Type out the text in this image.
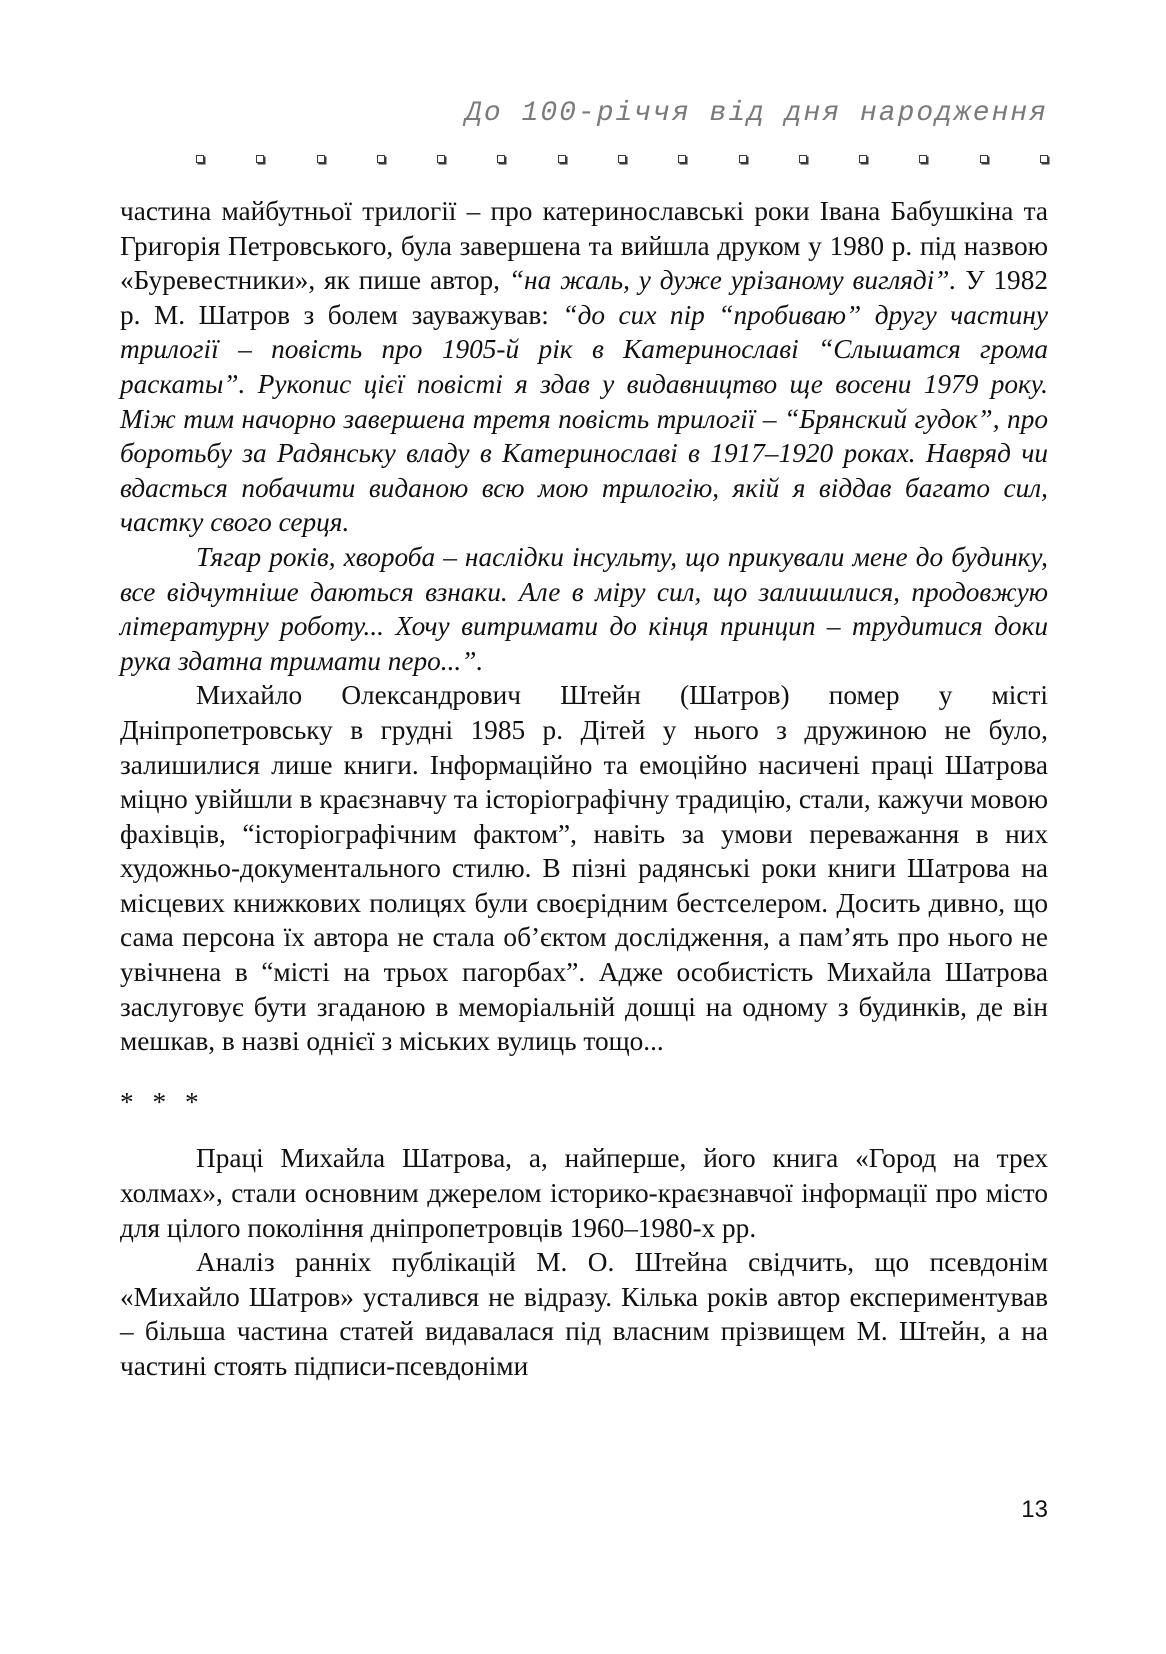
До 100-річчя від дня народження

частина майбутньої трилогії – про катеринославські роки Івана Бабушкіна та Григорія Петровського, була завершена та вийшла друком у 1980 р. під назвою «Буревестники», як пише автор, “на жаль, у дуже урізаному вигляді”. У 1982 р. М. Шатров з болем зауважував: “до сих пір “пробиваю” другу частину трилогії – повість про 1905-й рік в Катеринославі “Слышатся грома раскаты”. Рукопис цієї повісті я здав у видавництво ще восени 1979 року. Між тим начорно завершена третя повість трилогії – “Брянский гудок”, про боротьбу за Радянську владу в Катеринославі в 1917–1920 роках. Навряд чи вдасться побачити виданою всю мою трилогію, якій я віддав багато сил, частку свого серця.

Тягар років, хвороба – наслідки інсульту, що прикували мене до будинку, все відчутніше даються взнаки. Але в міру сил, що залишилися, продовжую літературну роботу... Хочу витримати до кінця принцип – трудитися доки рука здатна тримати перо...”.

Михайло Олександрович Штейн (Шатров) помер у місті Дніпропетровську в грудні 1985 р. Дітей у нього з дружиною не було, залишилися лише книги. Інформаційно та емоційно насичені праці Шатрова міцно увійшли в краєзнавчу та історіографічну традицію, стали, кажучи мовою фахівців, “історіографічним фактом”, навіть за умови переважання в них художньо-документального стилю. В пізні радянські роки книги Шатрова на місцевих книжкових полицях були своєрідним бестселером. Досить дивно, що сама персона їх автора не стала об’єктом дослідження, а пам’ять про нього не увічнена в “місті на трьох пагорбах”. Адже особистість Михайла Шатрова заслуговує бути згаданою в меморіальній дошці на одному з будинків, де він мешкав, в назві однієї з міських вулиць тощо...

* * *

Праці Михайла Шатрова, а, найперше, його книга «Город на трех холмах», стали основним джерелом історико-краєзнавчої інформації про місто для цілого покоління дніпропетровців 1960–1980-х рр.

Аналіз ранніх публікацій М. О. Штейна свідчить, що псевдонім «Михайло Шатров» усталився не відразу. Кілька років автор експериментував – більша частина статей видавалася під власним прізвищем М. Штейн, а на частині стоять підписи-псевдоніми

13
